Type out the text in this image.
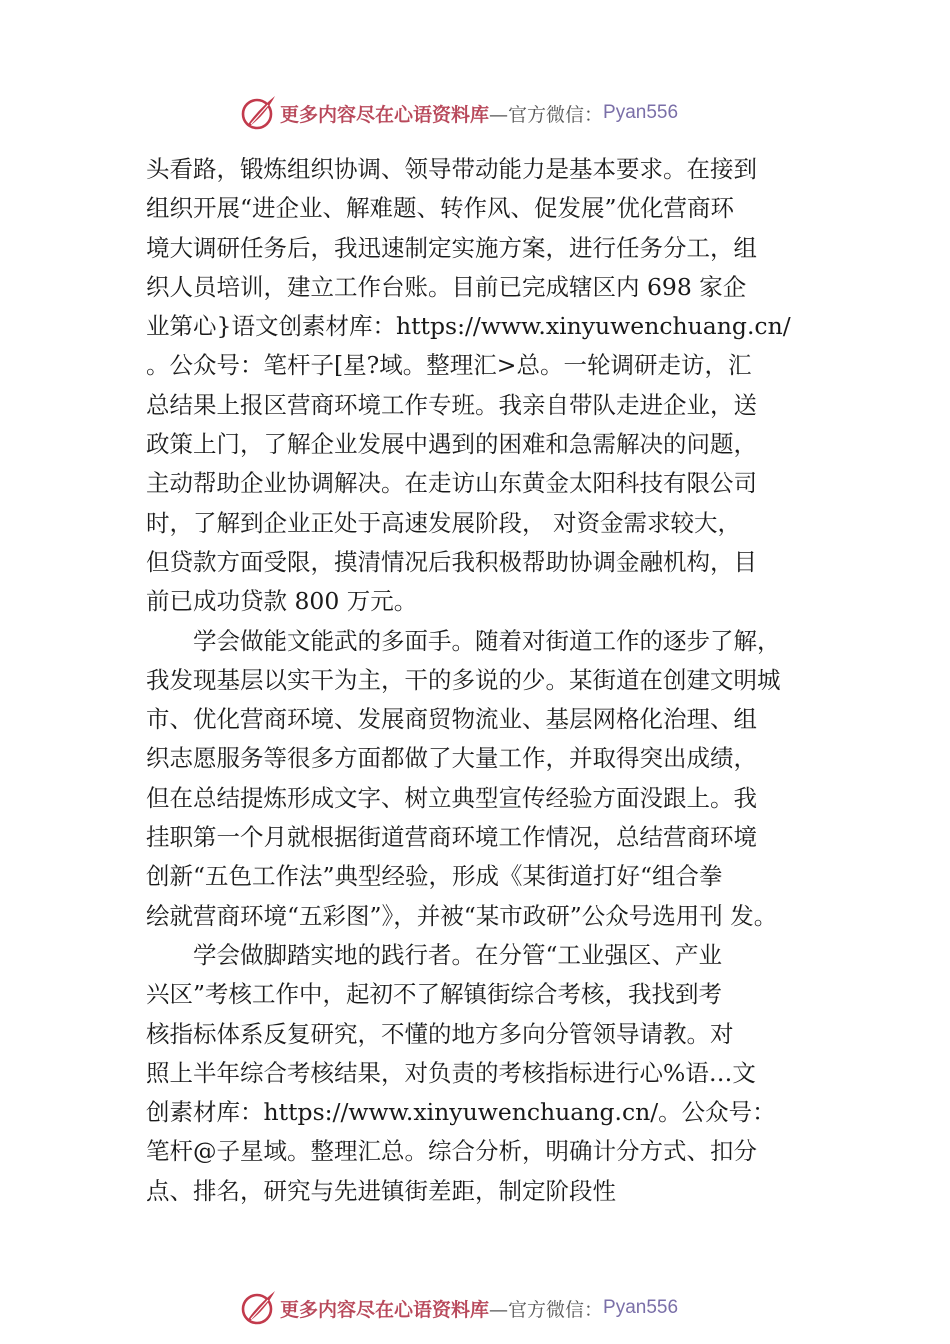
更多内容尽在心语资料库 —官方微信： Pyan556
头看路，锻炼组织协调、领导带动能力是基本要求。在接到
组织开展“进企业、解难题、转作风、促发展”优化营商环
境大调研任务后，我迅速制定实施方案，进行任务分工，组
织人员培训，建立工作台账。目前已完成辖区内 698 家企
业第心}语文创素材库：https://www.xinyuwenchuang.cn/
。公众号：笔杆子[星?域。整理汇>总。一轮调研走访，汇
总结果上报区营商环境工作专班。我亲自带队走进企业，送
政策上门，了解企业发展中遇到的困难和急需解决的问题，
主动帮助企业协调解决。在走访山东黄金太阳科技有限公司
时，了解到企业正处于高速发展阶段， 对资金需求较大，
但贷款方面受限，摸清情况后我积极帮助协调金融机构，目
前已成功贷款 800 万元。
学会做能文能武的多面手。随着对街道工作的逐步了解，
我发现基层以实干为主，干的多说的少。某街道在创建文明城
市、优化营商环境、发展商贸物流业、基层网格化治理、组
织志愿服务等很多方面都做了大量工作，并取得突出成绩，
但在总结提炼形成文字、树立典型宣传经验方面没跟上。我
挂职第一个月就根据街道营商环境工作情况，总结营商环境
创新“五色工作法”典型经验，形成《某街道打好“组合拳
绘就营商环境“五彩图”》，并被“某市政研”公众号选用刊 发。
学会做脚踏实地的践行者。在分管“工业强区、产业
兴区”考核工作中，起初不了解镇街综合考核，我找到考
核指标体系反复研究，不懂的地方多向分管领导请教。对
照上半年综合考核结果，对负责的考核指标进行心%语…文
创素材库：https://www.xinyuwenchuang.cn/。公众号：
笔杆@子星域。整理汇总。综合分析，明确计分方式、扣分
点、排名，研究与先进镇街差距，制定阶段性
更多内容尽在心语资料库 —官方微信： Pyan556
